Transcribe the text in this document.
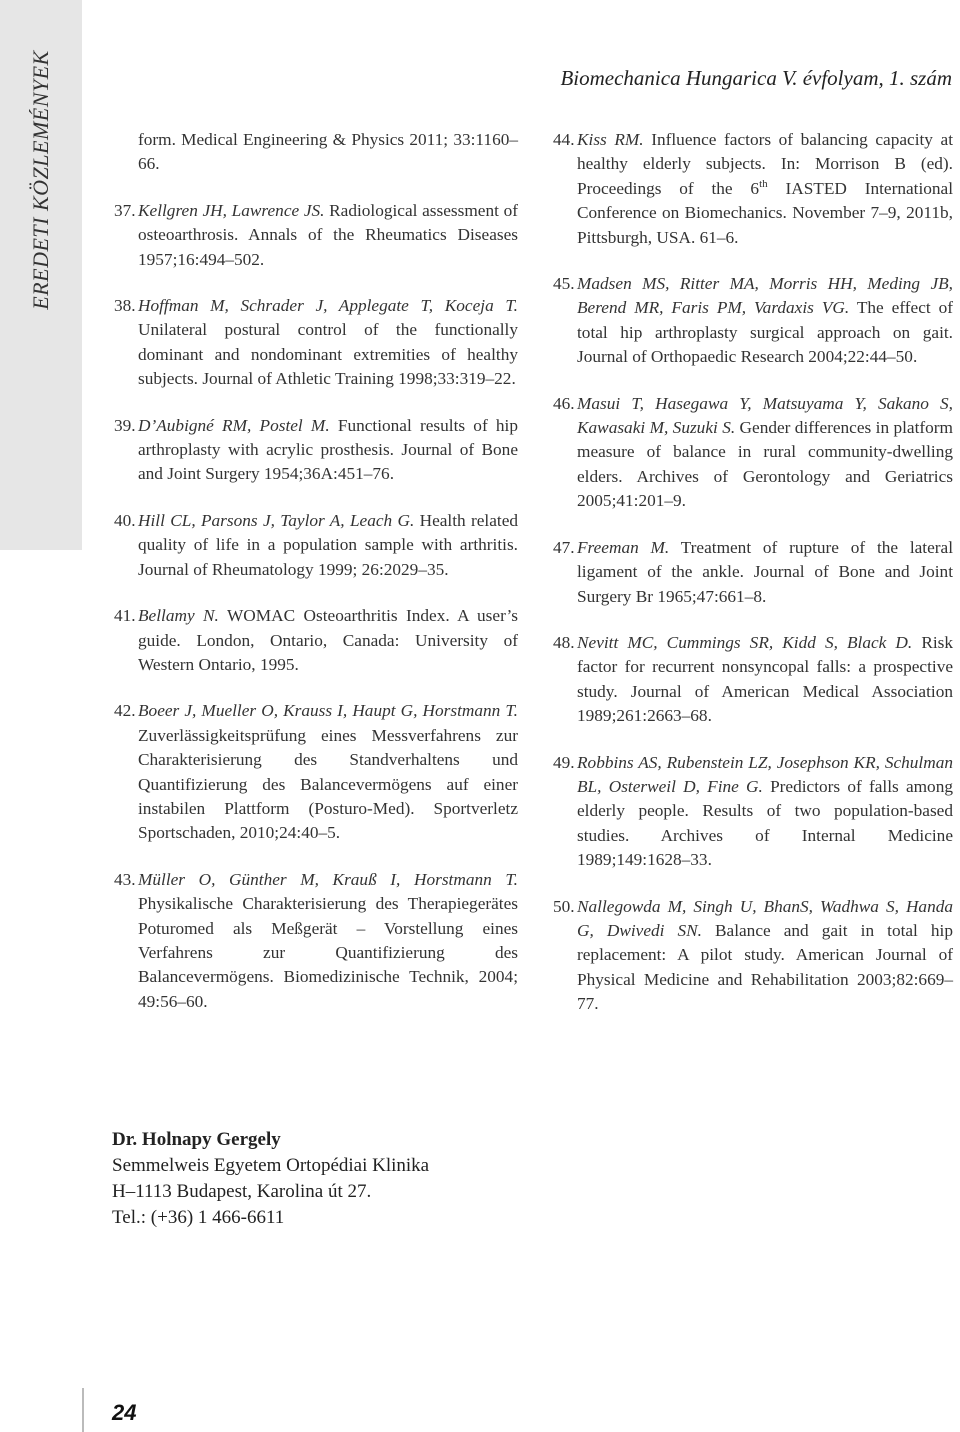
EREDETI KÖZLEMÉNYEK	Biomechanica Hungarica V. évfolyam, 1. szám
form. Medical Engineering & Physics 2011; 33:1160–66.
37. Kellgren JH, Lawrence JS. Radiological assessment of osteoarthrosis. Annals of the Rheumatics Diseases 1957;16:494–502.
38. Hoffman M, Schrader J, Applegate T, Koceja T. Unilateral postural control of the functionally dominant and nondominant extremities of healthy subjects. Journal of Athletic Training 1998;33:319–22.
39. D’Aubigné RM, Postel M. Functional results of hip arthroplasty with acrylic prosthesis. Journal of Bone and Joint Surgery 1954;36A:451–76.
40. Hill CL, Parsons J, Taylor A, Leach G. Health related quality of life in a population sample with arthritis. Journal of Rheumatology 1999; 26:2029–35.
41. Bellamy N. WOMAC Osteoarthritis Index. A user’s guide. London, Ontario, Canada: University of Western Ontario, 1995.
42. Boeer J, Mueller O, Krauss I, Haupt G, Horstmann T. Zuverlässigkeitsprüfung eines Messverfahrens zur Charakterisierung des Standverhaltens und Quantifizierung des Balancevermögens auf einer instabilen Plattform (Posturo-Med). Sportverletz Sportschaden, 2010;24:40–5.
43. Müller O, Günther M, Krauß I, Horstmann T. Physikalische Charakterisierung des Therapiegerätes Poturomed als Meßgerät – Vorstellung eines Verfahrens zur Quantifizierung des Balancevermögens. Biomedizinische Technik, 2004; 49:56–60.
44. Kiss RM. Influence factors of balancing capacity at healthy elderly subjects. In: Morrison B (ed). Proceedings of the 6th IASTED International Conference on Biomechanics. November 7–9, 2011b, Pittsburgh, USA. 61–6.
45. Madsen MS, Ritter MA, Morris HH, Meding JB, Berend MR, Faris PM, Vardaxis VG. The effect of total hip arthroplasty surgical approach on gait. Journal of Orthopaedic Research 2004;22:44–50.
46. Masui T, Hasegawa Y, Matsuyama Y, Sakano S, Kawasaki M, Suzuki S. Gender differences in platform measure of balance in rural community-dwelling elders. Archives of Gerontology and Geriatrics 2005;41:201–9.
47. Freeman M. Treatment of rupture of the lateral ligament of the ankle. Journal of Bone and Joint Surgery Br 1965;47:661–8.
48. Nevitt MC, Cummings SR, Kidd S, Black D. Risk factor for recurrent nonsyncopal falls: a prospective study. Journal of American Medical Association 1989;261:2663–68.
49. Robbins AS, Rubenstein LZ, Josephson KR, Schulman BL, Osterweil D, Fine G. Predictors of falls among elderly people. Results of two population-based studies. Archives of Internal Medicine 1989;149:1628–33.
50. Nallegowda M, Singh U, BhanS, Wadhwa S, Handa G, Dwivedi SN. Balance and gait in total hip replacement: A pilot study. American Journal of Physical Medicine and Rehabilitation 2003;82:669–77.
Dr. Holnapy Gergely
Semmelweis Egyetem Ortopédiai Klinika
H–1113 Budapest, Karolina út 27.
Tel.: (+36) 1 466-6611
24
